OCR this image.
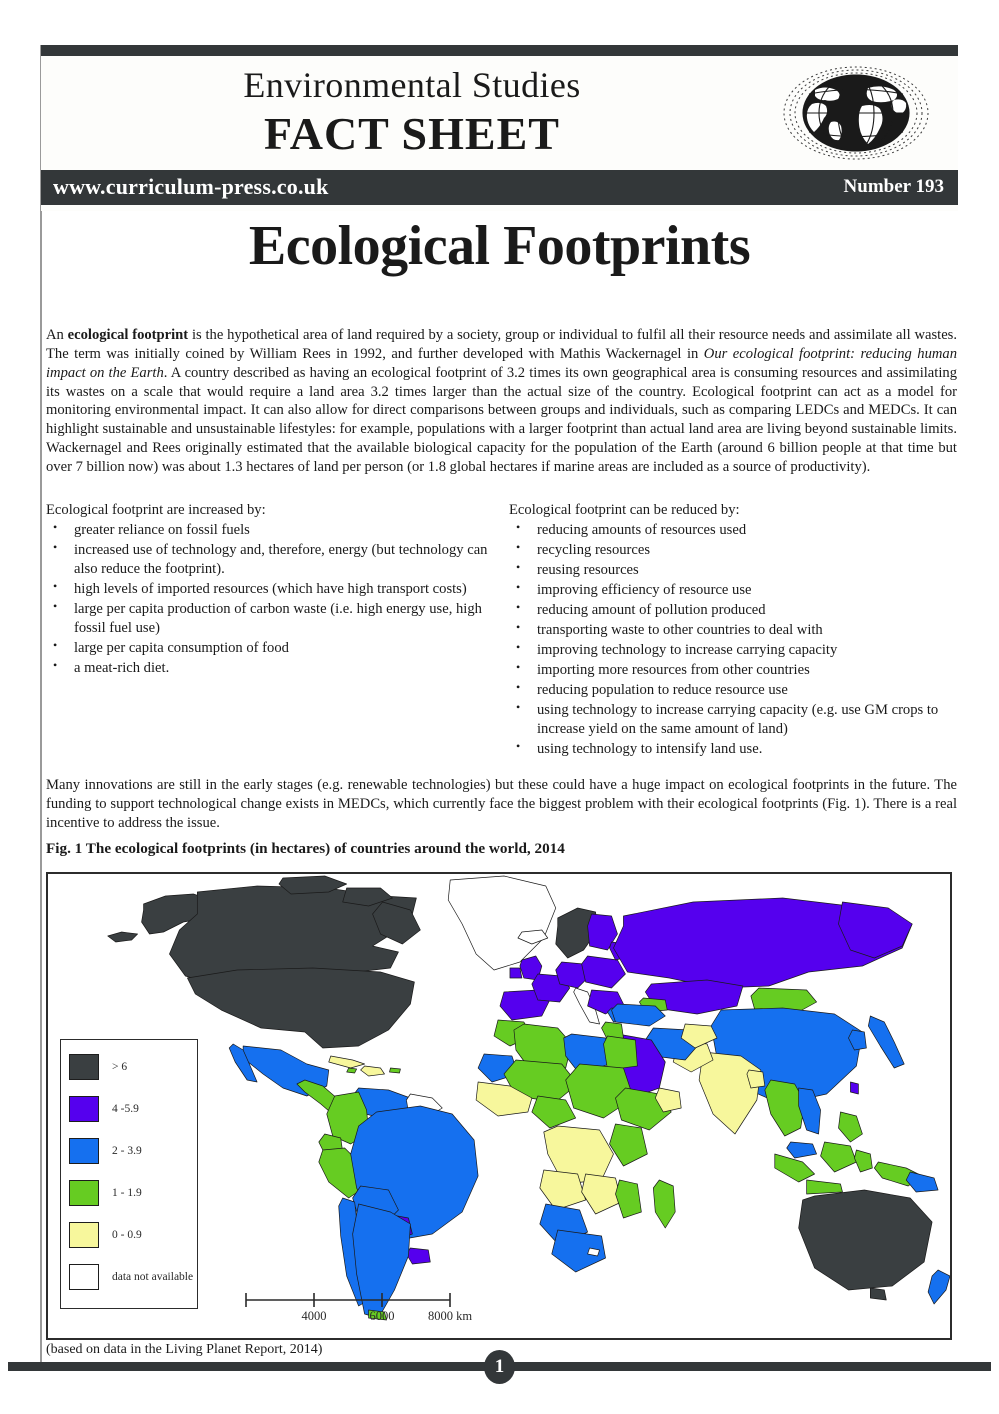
Environmental Studies
FACT SHEET
www.curriculum-press.co.uk	Number 193
Ecological Footprints

An ecological footprint is the hypothetical area of land required by a society, group or individual to fulfil all their resource needs and assimilate all wastes. The term was initially coined by William Rees in 1992, and further developed with Mathis Wackernagel in Our ecological footprint: reducing human impact on the Earth. A country described as having an ecological footprint of 3.2 times its own geographical area is consuming resources and assimilating its wastes on a scale that would require a land area 3.2 times larger than the actual size of the country. Ecological footprint can act as a model for monitoring environmental impact. It can also allow for direct comparisons between groups and individuals, such as comparing LEDCs and MEDCs. It can highlight sustainable and unsustainable lifestyles: for example, populations with a larger footprint than actual land area are living beyond sustainable limits. Wackernagel and Rees originally estimated that the available biological capacity for the population of the Earth (around 6 billion people at that time but over 7 billion now) was about 1.3 hectares of land per person (or 1.8 global hectares if marine areas are included as a source of productivity).

Ecological footprint are increased by:
• greater reliance on fossil fuels
• increased use of technology and, therefore, energy (but technology can also reduce the footprint).
• high levels of imported resources (which have high transport costs)
• large per capita production of carbon waste (i.e. high energy use, high fossil fuel use)
• large per capita consumption of food
• a meat-rich diet.
Ecological footprint can be reduced by:
• reducing amounts of resources used
• recycling resources
• reusing resources
• improving efficiency of resource use
• reducing amount of pollution produced
• transporting waste to other countries to deal with
• improving technology to increase carrying capacity
• importing more resources from other countries
• reducing population to reduce resource use
• using technology to increase carrying capacity (e.g. use GM crops to increase yield on the same amount of land)
• using technology to intensify land use.

Many innovations are still in the early stages (e.g. renewable technologies) but these could have a huge impact on ecological footprints in the future. The funding to support technological change exists in MEDCs, which currently face the biggest problem with their ecological footprints (Fig. 1). There is a real incentive to address the issue.

Fig. 1 The ecological footprints (in hectares) of countries around the world, 2014
> 6
4 -5.9
2 - 3.9
1 - 1.9
0 - 0.9
data not available
4000	6000	8000 km
(based on data in the Living Planet Report, 2014)
1
